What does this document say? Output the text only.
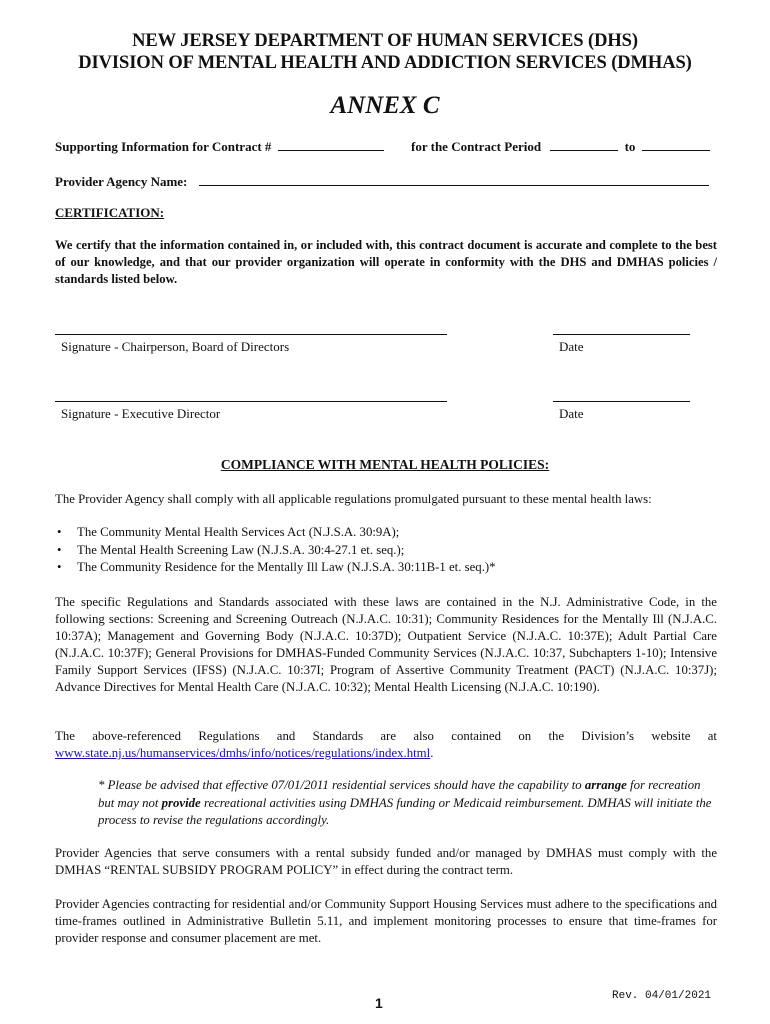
NEW JERSEY DEPARTMENT OF HUMAN SERVICES (DHS)
DIVISION OF MENTAL HEALTH AND ADDICTION SERVICES (DMHAS)
ANNEX C
Supporting Information for Contract #	for the Contract Period	to
Provider Agency Name:
CERTIFICATION:
We certify that the information contained in, or included with, this contract document is accurate and complete to the best of our knowledge, and that our provider organization will operate in conformity with the DHS and DMHAS policies / standards listed below.
Signature - Chairperson, Board of Directors	Date
Signature - Executive Director	Date
COMPLIANCE WITH MENTAL HEALTH POLICIES:
The Provider Agency shall comply with all applicable regulations promulgated pursuant to these mental health laws:
• The Community Mental Health Services Act (N.J.S.A. 30:9A);
• The Mental Health Screening Law (N.J.S.A. 30:4-27.1 et. seq.);
• The Community Residence for the Mentally Ill Law (N.J.S.A. 30:11B-1 et. seq.)*
The specific Regulations and Standards associated with these laws are contained in the N.J. Administrative Code, in the following sections: Screening and Screening Outreach (N.J.A.C. 10:31); Community Residences for the Mentally Ill (N.J.A.C. 10:37A); Management and Governing Body (N.J.A.C. 10:37D); Outpatient Service (N.J.A.C. 10:37E); Adult Partial Care (N.J.A.C. 10:37F); General Provisions for DMHAS-Funded Community Services (N.J.A.C. 10:37, Subchapters 1-10); Intensive Family Support Services (IFSS) (N.J.A.C. 10:37I; Program of Assertive Community Treatment (PACT) (N.J.A.C. 10:37J); Advance Directives for Mental Health Care (N.J.A.C. 10:32); Mental Health Licensing (N.J.A.C. 10:190).
The above-referenced Regulations and Standards are also contained on the Division’s website at www.state.nj.us/humanservices/dmhs/info/notices/regulations/index.html.
* Please be advised that effective 07/01/2011 residential services should have the capability to arrange for recreation but may not provide recreational activities using DMHAS funding or Medicaid reimbursement. DMHAS will initiate the process to revise the regulations accordingly.
Provider Agencies that serve consumers with a rental subsidy funded and/or managed by DMHAS must comply with the DMHAS “RENTAL SUBSIDY PROGRAM POLICY” in effect during the contract term.
Provider Agencies contracting for residential and/or Community Support Housing Services must adhere to the specifications and time-frames outlined in Administrative Bulletin 5.11, and implement monitoring processes to ensure that time-frames for provider response and consumer placement are met.
1	Rev. 04/01/2021
